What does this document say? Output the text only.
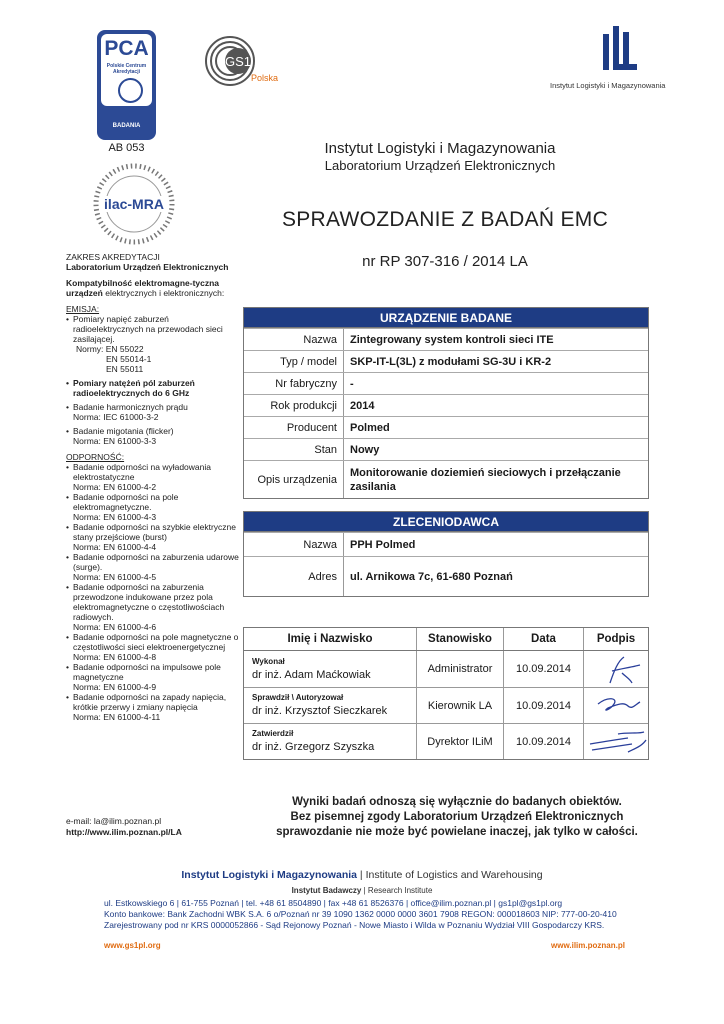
PCA
Polskie Centrum Akredytacji
BADANIA
AB 053
GS1
Polska
Instytut Logistyki i Magazynowania
ilac-MRA
Instytut Logistyki i Magazynowania
Laboratorium Urządzeń Elektronicznych
SPRAWOZDANIE Z BADAŃ EMC
nr RP 307-316 / 2014 LA
ZAKRES AKREDYTACJI
Laboratorium Urządzeń Elektronicznych
Kompatybilność elektromagne-tyczna urządzeń elektrycznych i elektronicznych:
EMISJA:
• Pomiary napięć zaburzeń radioelektrycznych na przewodach sieci zasilającej.
Normy: EN 55022
EN 55014-1
EN 55011
• Pomiary natężeń pól zaburzeń radioelektrycznych do 6 GHz
• Badanie harmonicznych prądu
Norma: IEC 61000-3-2
• Badanie migotania (flicker)
Norma: EN 61000-3-3
ODPORNOŚĆ:
• Badanie odporności na wyładowania elektrostatyczne
Norma: EN 61000-4-2
• Badanie odporności na pole elektromagnetyczne.
Norma: EN 61000-4-3
• Badanie odporności na szybkie elektryczne stany przejściowe (burst)
Norma: EN 61000-4-4
• Badanie odporności na zaburzenia udarowe (surge).
Norma: EN 61000-4-5
• Badanie odporności na zaburzenia przewodzone indukowane przez pola elektromagnetyczne o częstotliwościach radiowych.
Norma: EN 61000-4-6
• Badanie odporności na pole magnetyczne o częstotliwości sieci elektroenergetycznej
Norma: EN 61000-4-8
• Badanie odporności na impulsowe pole magnetyczne
Norma: EN 61000-4-9
• Badanie odporności na zapady napięcia, krótkie przerwy i zmiany napięcia
Norma: EN 61000-4-11
e-mail: la@ilim.poznan.pl
http://www.ilim.poznan.pl/LA
URZĄDZENIE BADANE
Nazwa	Zintegrowany system kontroli sieci ITE
Typ / model	SKP-IT-L(3L) z modułami SG-3U i KR-2
Nr fabryczny	-
Rok produkcji	2014
Producent	Polmed
Stan	Nowy
Opis urządzenia
Monitorowanie doziemień sieciowych i przełączanie zasilania
ZLECENIODAWCA
Nazwa	PPH Polmed
Adres	ul. Arnikowa 7c, 61-680 Poznań
Imię i Nazwisko	Stanowisko	Data	Podpis
Wykonał
dr inż. Adam Maćkowiak	Administrator	10.09.2014
Sprawdził \ Autoryzował
dr inż. Krzysztof Sieczkarek	Kierownik LA	10.09.2014
Zatwierdził
dr inż. Grzegorz Szyszka	Dyrektor ILiM	10.09.2014
Wyniki badań odnoszą się wyłącznie do badanych obiektów.
Bez pisemnej zgody Laboratorium Urządzeń Elektronicznych
sprawozdanie nie może być powielane inaczej, jak tylko w całości.
Instytut Logistyki i Magazynowania | Institute of Logistics and Warehousing
Instytut Badawczy | Research Institute
ul. Estkowskiego 6 | 61-755 Poznań | tel. +48 61 8504890 | fax +48 61 8526376 | office@ilim.poznan.pl | gs1pl@gs1pl.org
Konto bankowe: Bank Zachodni WBK S.A. 6 o/Poznań nr 39 1090 1362 0000 0000 3601 7908 REGON: 000018603 NIP: 777-00-20-410
Zarejestrowany pod nr KRS 0000052866 - Sąd Rejonowy Poznań - Nowe Miasto i Wilda w Poznaniu Wydział VIII Gospodarczy KRS.
www.gs1pl.org	www.ilim.poznan.pl
